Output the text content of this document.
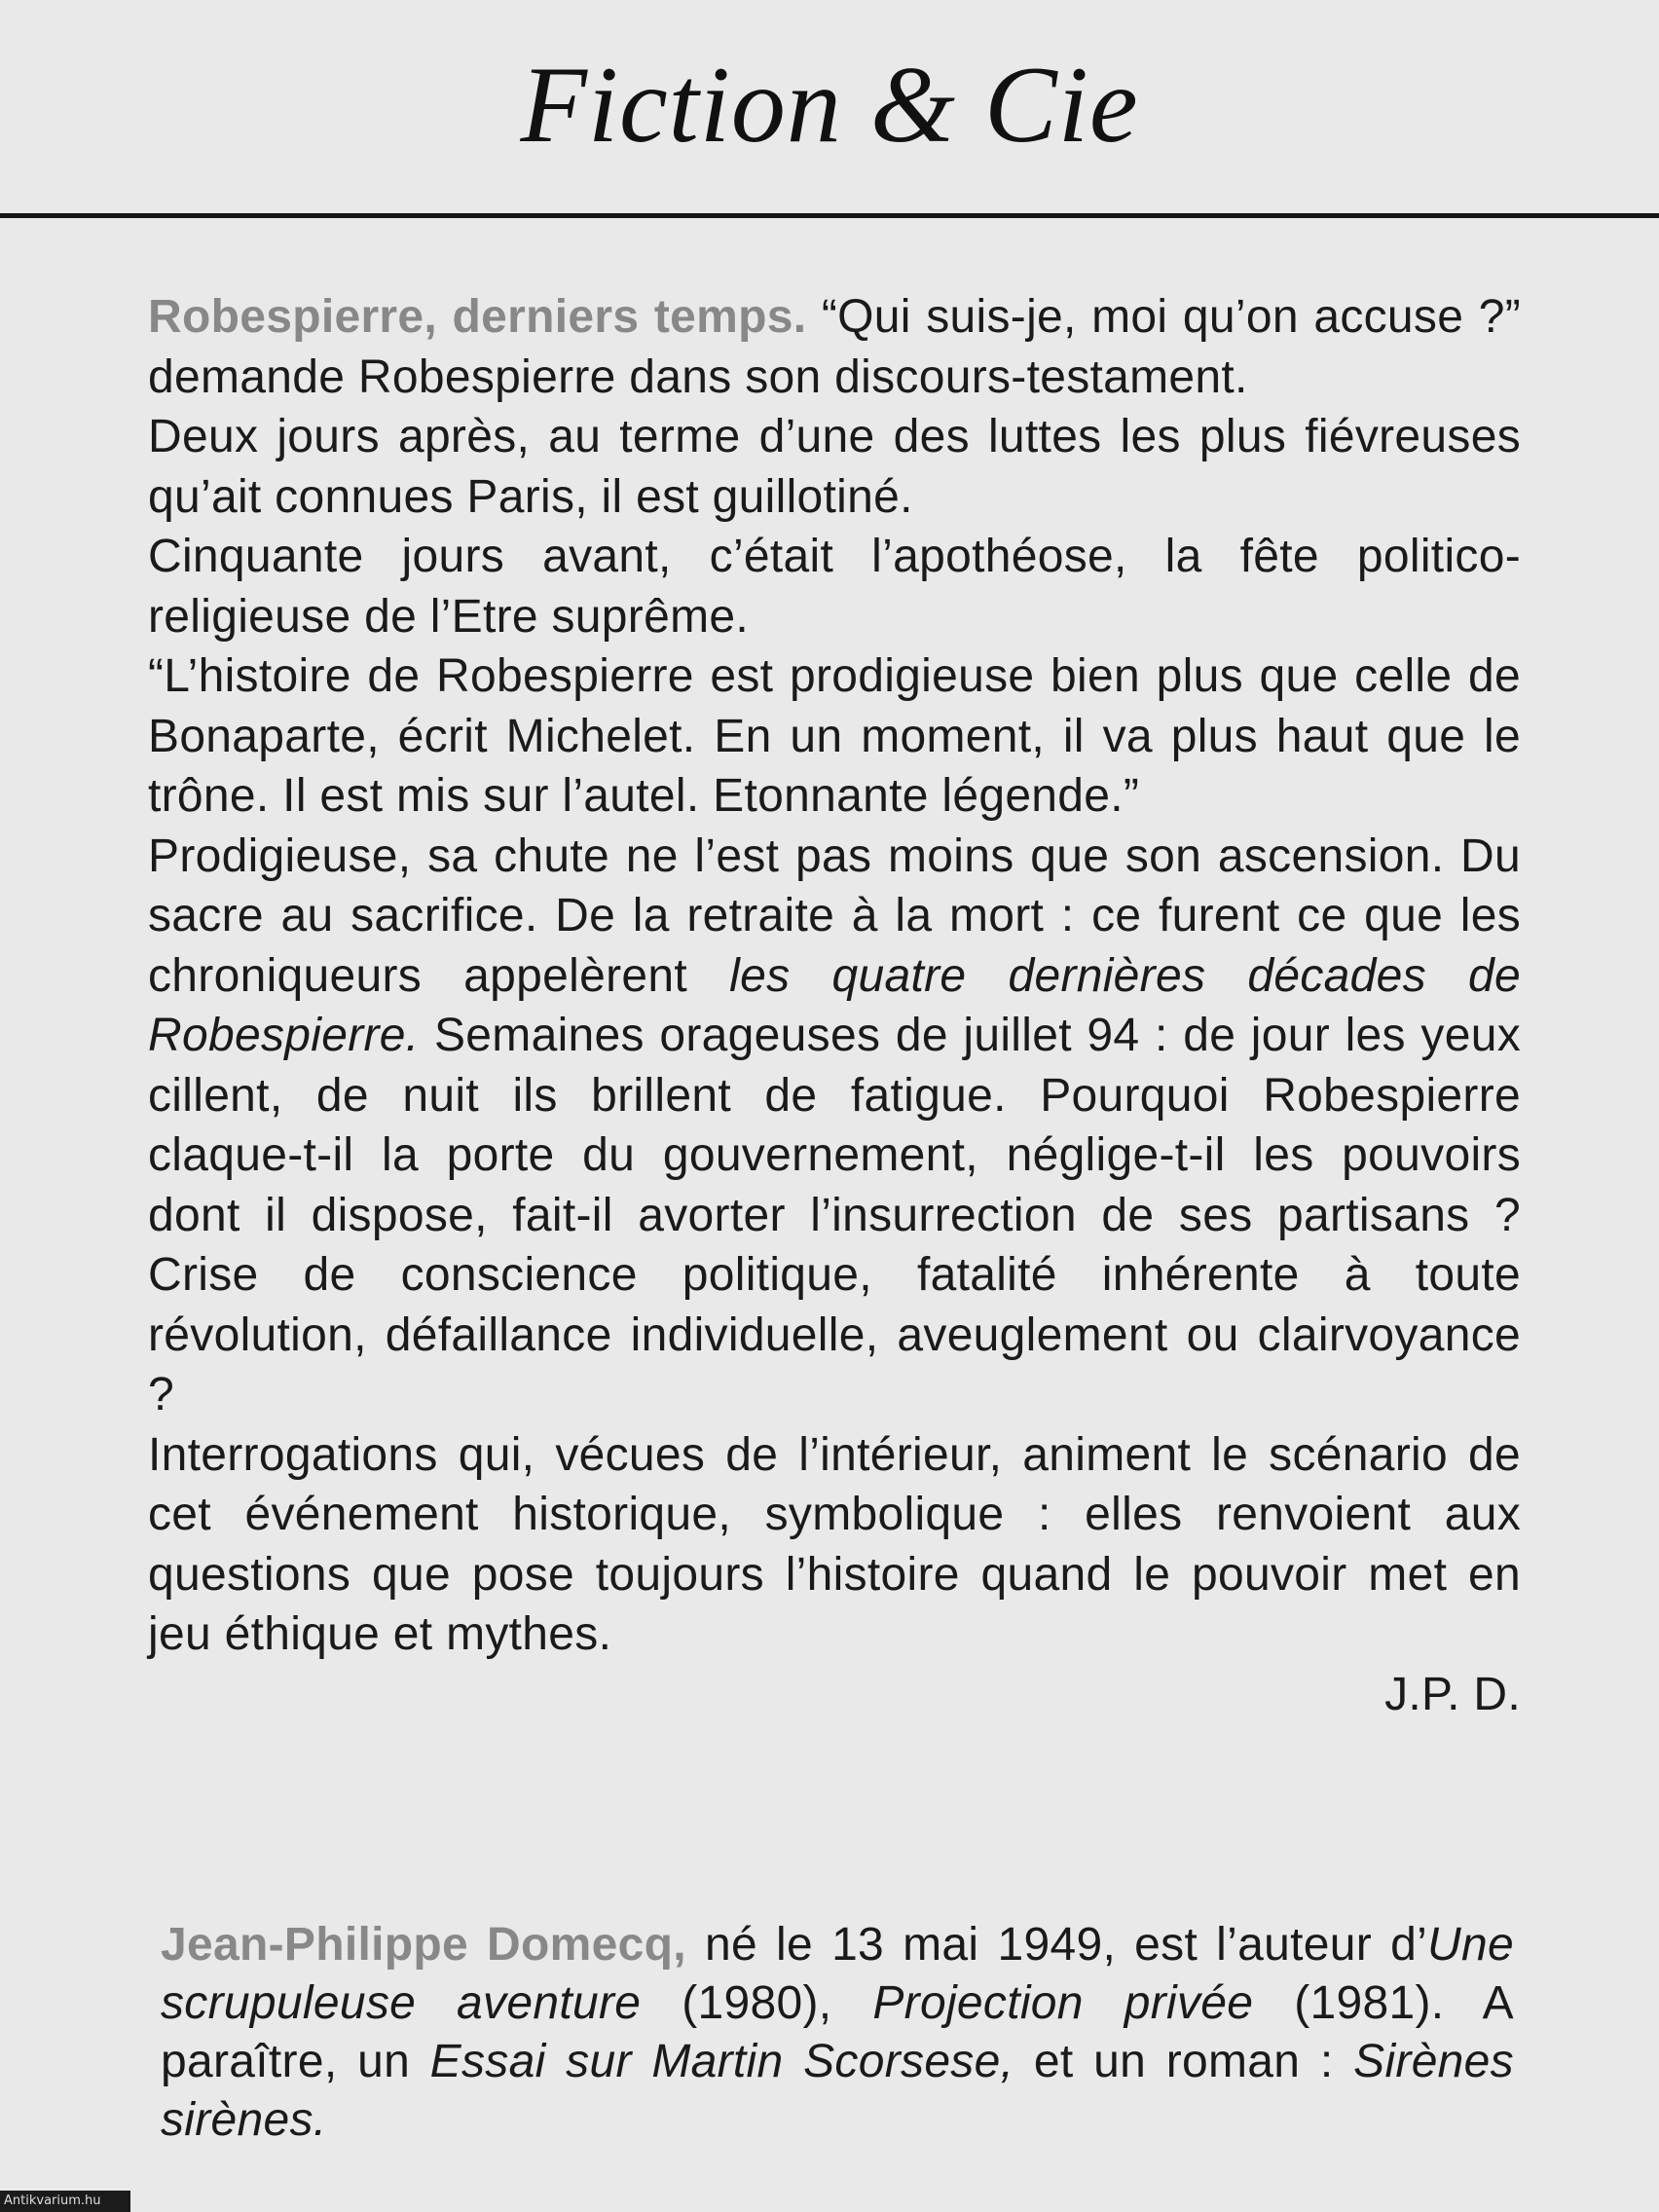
Fiction & Cie

Robespierre, derniers temps. “Qui suis-je, moi qu’on accuse ?” demande Robespierre dans son discours-testament.

Deux jours après, au terme d’une des luttes les plus fiévreuses qu’ait connues Paris, il est guillotiné.

Cinquante jours avant, c’était l’apothéose, la fête politico-religieuse de l’Etre suprême.

“L’histoire de Robespierre est prodigieuse bien plus que celle de Bonaparte, écrit Michelet. En un moment, il va plus haut que le trône. Il est mis sur l’autel. Etonnante légende.”

Prodigieuse, sa chute ne l’est pas moins que son ascension. Du sacre au sacrifice. De la retraite à la mort : ce furent ce que les chroniqueurs appelèrent les quatre dernières décades de Robespierre. Semaines orageuses de juillet 94 : de jour les yeux cillent, de nuit ils brillent de fatigue. Pourquoi Robespierre claque-t-il la porte du gouvernement, néglige-t-il les pouvoirs dont il dispose, fait-il avorter l’insurrection de ses partisans ? Crise de conscience politique, fatalité inhérente à toute révolution, défaillance individuelle, aveuglement ou clairvoyance ?

Interrogations qui, vécues de l’intérieur, animent le scénario de cet événement historique, symbolique : elles renvoient aux questions que pose toujours l’histoire quand le pouvoir met en jeu éthique et mythes.

J.P. D.

Jean-Philippe Domecq, né le 13 mai 1949, est l’auteur d’Une scrupuleuse aventure (1980), Projection privée (1981). A paraître, un Essai sur Martin Scorsese, et un roman : Sirènes sirènes.

Antikvarium.hu
